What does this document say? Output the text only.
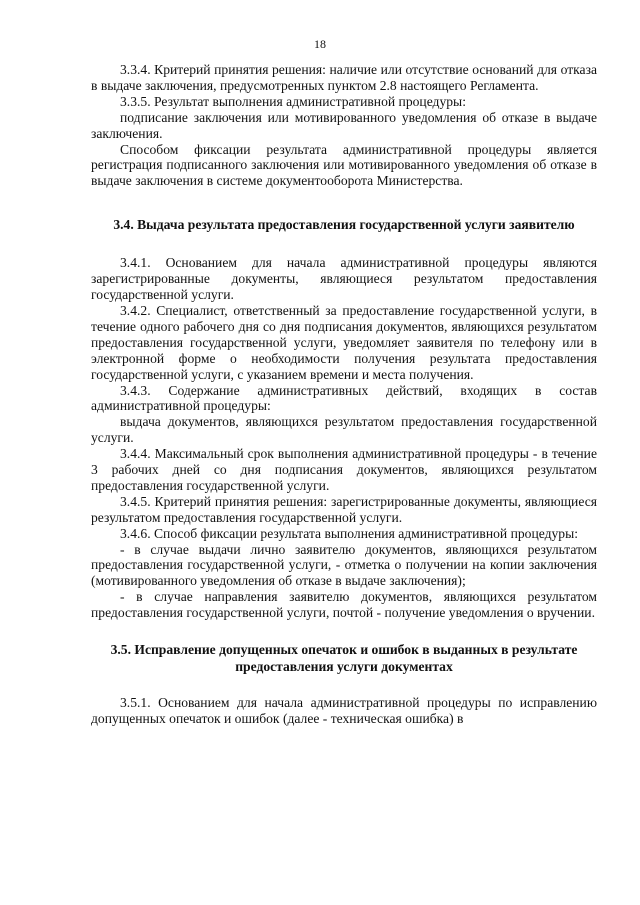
18

3.3.4. Критерий принятия решения: наличие или отсутствие оснований для отказа в выдаче заключения, предусмотренных пунктом 2.8 настоящего Регламента.

3.3.5. Результат выполнения административной процедуры:

подписание заключения или мотивированного уведомления об отказе в выдаче заключения.

Способом фиксации результата административной процедуры является регистрация подписанного заключения или мотивированного уведомления об отказе в выдаче заключения в системе документооборота Министерства.

3.4. Выдача результата предоставления государственной услуги заявителю

3.4.1. Основанием для начала административной процедуры являются зарегистрированные документы, являющиеся результатом предоставления государственной услуги.

3.4.2. Специалист, ответственный за предоставление государственной услуги, в течение одного рабочего дня со дня подписания документов, являющихся результатом предоставления государственной услуги, уведомляет заявителя по телефону или в электронной форме о необходимости получения результата предоставления государственной услуги, с указанием времени и места получения.

3.4.3. Содержание административных действий, входящих в состав административной процедуры:

выдача документов, являющихся результатом предоставления государственной услуги.

3.4.4. Максимальный срок выполнения административной процедуры - в течение 3 рабочих дней со дня подписания документов, являющихся результатом предоставления государственной услуги.

3.4.5. Критерий принятия решения: зарегистрированные документы, являющиеся результатом предоставления государственной услуги.

3.4.6. Способ фиксации результата выполнения административной процедуры:

- в случае выдачи лично заявителю документов, являющихся результатом предоставления государственной услуги, - отметка о получении на копии заключения (мотивированного уведомления об отказе в выдаче заключения);

- в случае направления заявителю документов, являющихся результатом предоставления государственной услуги, почтой - получение уведомления о вручении.

3.5. Исправление допущенных опечаток и ошибок в выданных в результате предоставления услуги документах

3.5.1. Основанием для начала административной процедуры по исправлению допущенных опечаток и ошибок (далее - техническая ошибка) в
